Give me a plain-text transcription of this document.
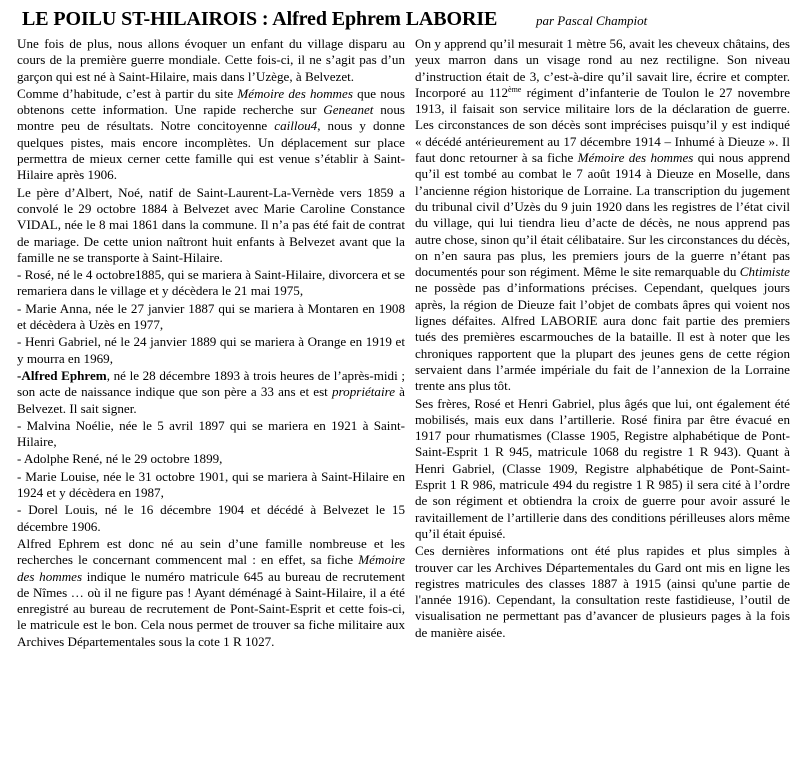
LE POILU ST-HILAIROIS : Alfred Ephrem LABORIE	par Pascal Champiot

Une fois de plus, nous allons évoquer un enfant du village disparu au cours de la première guerre mondiale. Cette fois-ci, il ne s’agit pas d’un garçon qui est né à Saint-Hilaire, mais dans l’Uzège, à Belvezet.

Comme d’habitude, c’est à partir du site Mémoire des hommes que nous obtenons cette information. Une rapide recherche sur Geneanet nous montre peu de résultats. Notre concitoyenne caillou4, nous y donne quelques pistes, mais encore incomplètes. Un déplacement sur place permettra de mieux cerner cette famille qui est venue s’établir à Saint-Hilaire après 1906.

Le père d’Albert, Noé, natif de Saint-Laurent-La-Vernède vers 1859 a convolé le 29 octobre 1884 à Belvezet avec Marie Caroline Constance VIDAL, née le 8 mai 1861 dans la commune. Il n’a pas été fait de contrat de mariage. De cette union naîtront huit enfants à Belvezet avant que la famille ne se transporte à Saint-Hilaire.

- Rosé, né le 4 octobre1885, qui se mariera à Saint-Hilaire, divorcera et se remariera dans le village et y décèdera le 21 mai 1975,

- Marie Anna, née le 27 janvier 1887 qui se mariera à Montaren en 1908 et décèdera à Uzès en 1977,

- Henri Gabriel, né le 24 janvier 1889 qui se mariera à Orange en 1919 et y mourra en 1969,

-Alfred Ephrem, né le 28 décembre 1893 à trois heures de l’après-midi ; son acte de naissance indique que son père a 33 ans et est propriétaire à Belvezet. Il sait signer.

- Malvina Noélie, née le 5 avril 1897 qui se mariera en 1921 à Saint-Hilaire,

- Adolphe René, né le 29 octobre 1899,

- Marie Louise, née le 31 octobre 1901, qui se mariera à Saint-Hilaire en 1924 et y décèdera en 1987,

- Dorel Louis, né le 16 décembre 1904 et décédé à Belvezet le 15 décembre 1906.

Alfred Ephrem est donc né au sein d’une famille nombreuse et les recherches le concernant commencent mal : en effet, sa fiche Mémoire des hommes indique le numéro matricule 645 au bureau de recrutement de Nîmes … où il ne figure pas ! Ayant déménagé à Saint-Hilaire, il a été enregistré au bureau de recrutement de Pont-Saint-Esprit et cette fois-ci, le matricule est le bon. Cela nous permet de trouver sa fiche militaire aux Archives Départementales sous la cote 1 R 1027.

On y apprend qu’il mesurait 1 mètre 56, avait les cheveux châtains, des yeux marron dans un visage rond au nez rectiligne. Son niveau d’instruction était de 3, c’est-à-dire qu’il savait lire, écrire et compter. Incorporé au 112ème régiment d’infanterie de Toulon le 27 novembre 1913, il faisait son service militaire lors de la déclaration de guerre. Les circonstances de son décès sont imprécises puisqu’il y est indiqué « décédé antérieurement au 17 décembre 1914 – Inhumé à Dieuze ». Il faut donc retourner à sa fiche Mémoire des hommes qui nous apprend qu’il est tombé au combat le 7 août 1914 à Dieuze en Moselle, dans l’ancienne région historique de Lorraine. La transcription du jugement du tribunal civil d’Uzès du 9 juin 1920 dans les registres de l’état civil du village, qui lui tiendra lieu d’acte de décès, ne nous apprend pas autre chose, sinon qu’il était célibataire. Sur les circonstances du décès, on n’en saura pas plus, les premiers jours de la guerre n’étant pas documentés pour son régiment. Même le site remarquable du Chtimiste ne possède pas d’informations précises. Cependant, quelques jours après, la région de Dieuze fait l’objet de combats âpres qui voient nos lignes défaites. Alfred LABORIE aura donc fait partie des premiers tués des premières escarmouches de la bataille. Il est à noter que les chroniques rapportent que la plupart des jeunes gens de cette région servaient dans l’armée impériale du fait de l’annexion de la Lorraine trente ans plus tôt.

Ses frères, Rosé et Henri Gabriel, plus âgés que lui, ont également été mobilisés, mais eux dans l’artillerie. Rosé finira par être évacué en 1917 pour rhumatismes (Classe 1905, Registre alphabétique de Pont-Saint-Esprit 1 R 945, matricule 1068 du registre 1 R 943). Quant à Henri Gabriel, (Classe 1909, Registre alphabétique de Pont-Saint-Esprit 1 R 986, matricule 494 du registre 1 R 985) il sera cité à l’ordre de son régiment et obtiendra la croix de guerre pour avoir assuré le ravitaillement de l’artillerie dans des conditions périlleuses alors même qu’il était épuisé.

Ces dernières informations ont été plus rapides et plus simples à trouver car les Archives Départementales du Gard ont mis en ligne les registres matricules des classes 1887 à 1915 (ainsi qu'une partie de l'année 1916). Cependant, la consultation reste fastidieuse, l’outil de visualisation ne permettant pas d’avancer de plusieurs pages à la fois de manière aisée.
